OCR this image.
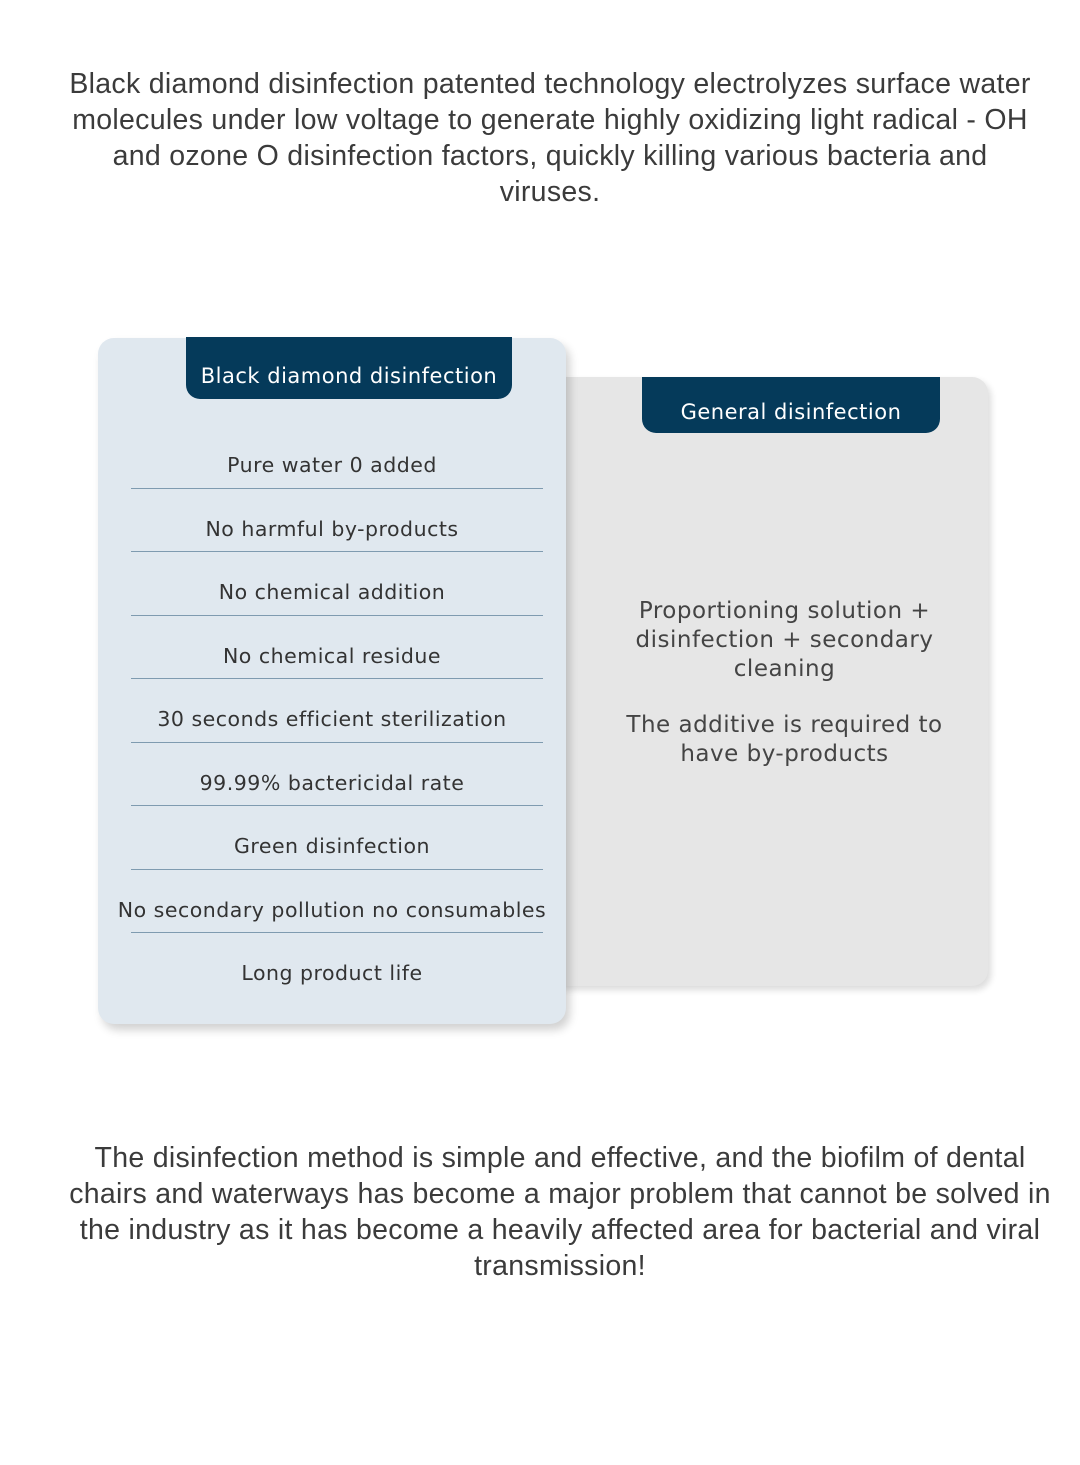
Black diamond disinfection patented technology electrolyzes surface water molecules under low voltage to generate highly oxidizing light radical - OH and ozone O disinfection factors, quickly killing various bacteria and viruses.
General disinfection

Proportioning solution + disinfection + secondary cleaning

The additive is required to have by-products

Black diamond disinfection
Pure water 0 added
No harmful by-products
No chemical addition
No chemical residue
30 seconds efficient sterilization
99.99% bactericidal rate
Green disinfection
No secondary pollution no consumables
Long product life
The disinfection method is simple and effective, and the biofilm of dental chairs and waterways has become a major problem that cannot be solved in the industry as it has become a heavily affected area for bacterial and viral transmission!
